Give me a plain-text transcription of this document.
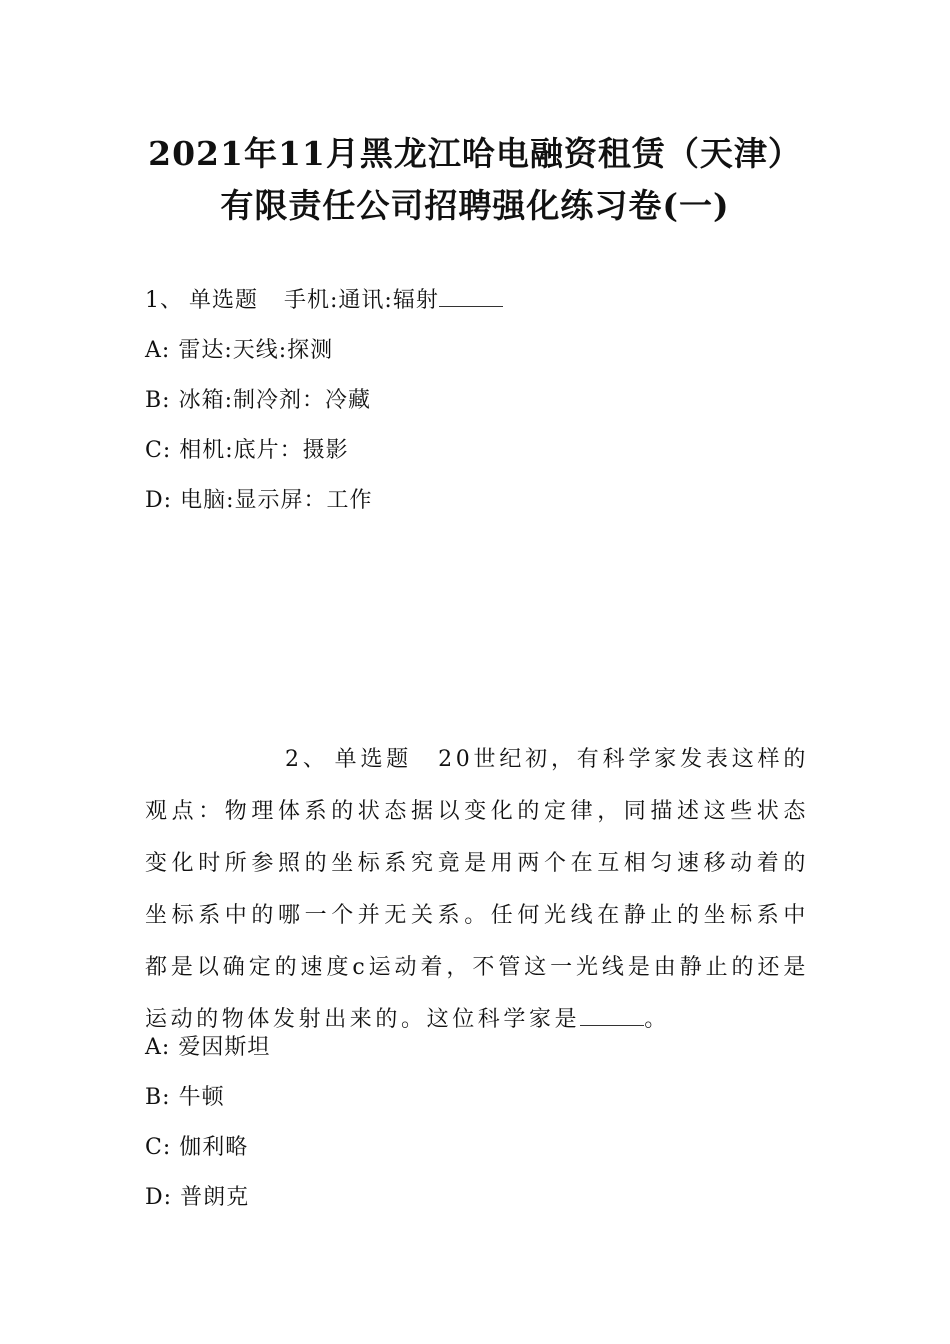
2021年11月黑龙江哈电融资租赁（天津）
有限责任公司招聘强化练习卷(一)
1、 单选题 手机:通讯:辐射
A: 雷达:天线:探测
B: 冰箱:制冷剂：冷藏
C: 相机:底片：摄影
D: 电脑:显示屏：工作

2、 单选题 20世纪初，有科学家发表这样的观点：物理体系的状态据以变化的定律，同描述这些状态变化时所参照的坐标系究竟是用两个在互相匀速移动着的坐标系中的哪一个并无关系。任何光线在静止的坐标系中都是以确定的速度c运动着，不管这一光线是由静止的还是运动的物体发射出来的。这位科学家是	。

A: 爱因斯坦
B: 牛顿
C: 伽利略
D: 普朗克
